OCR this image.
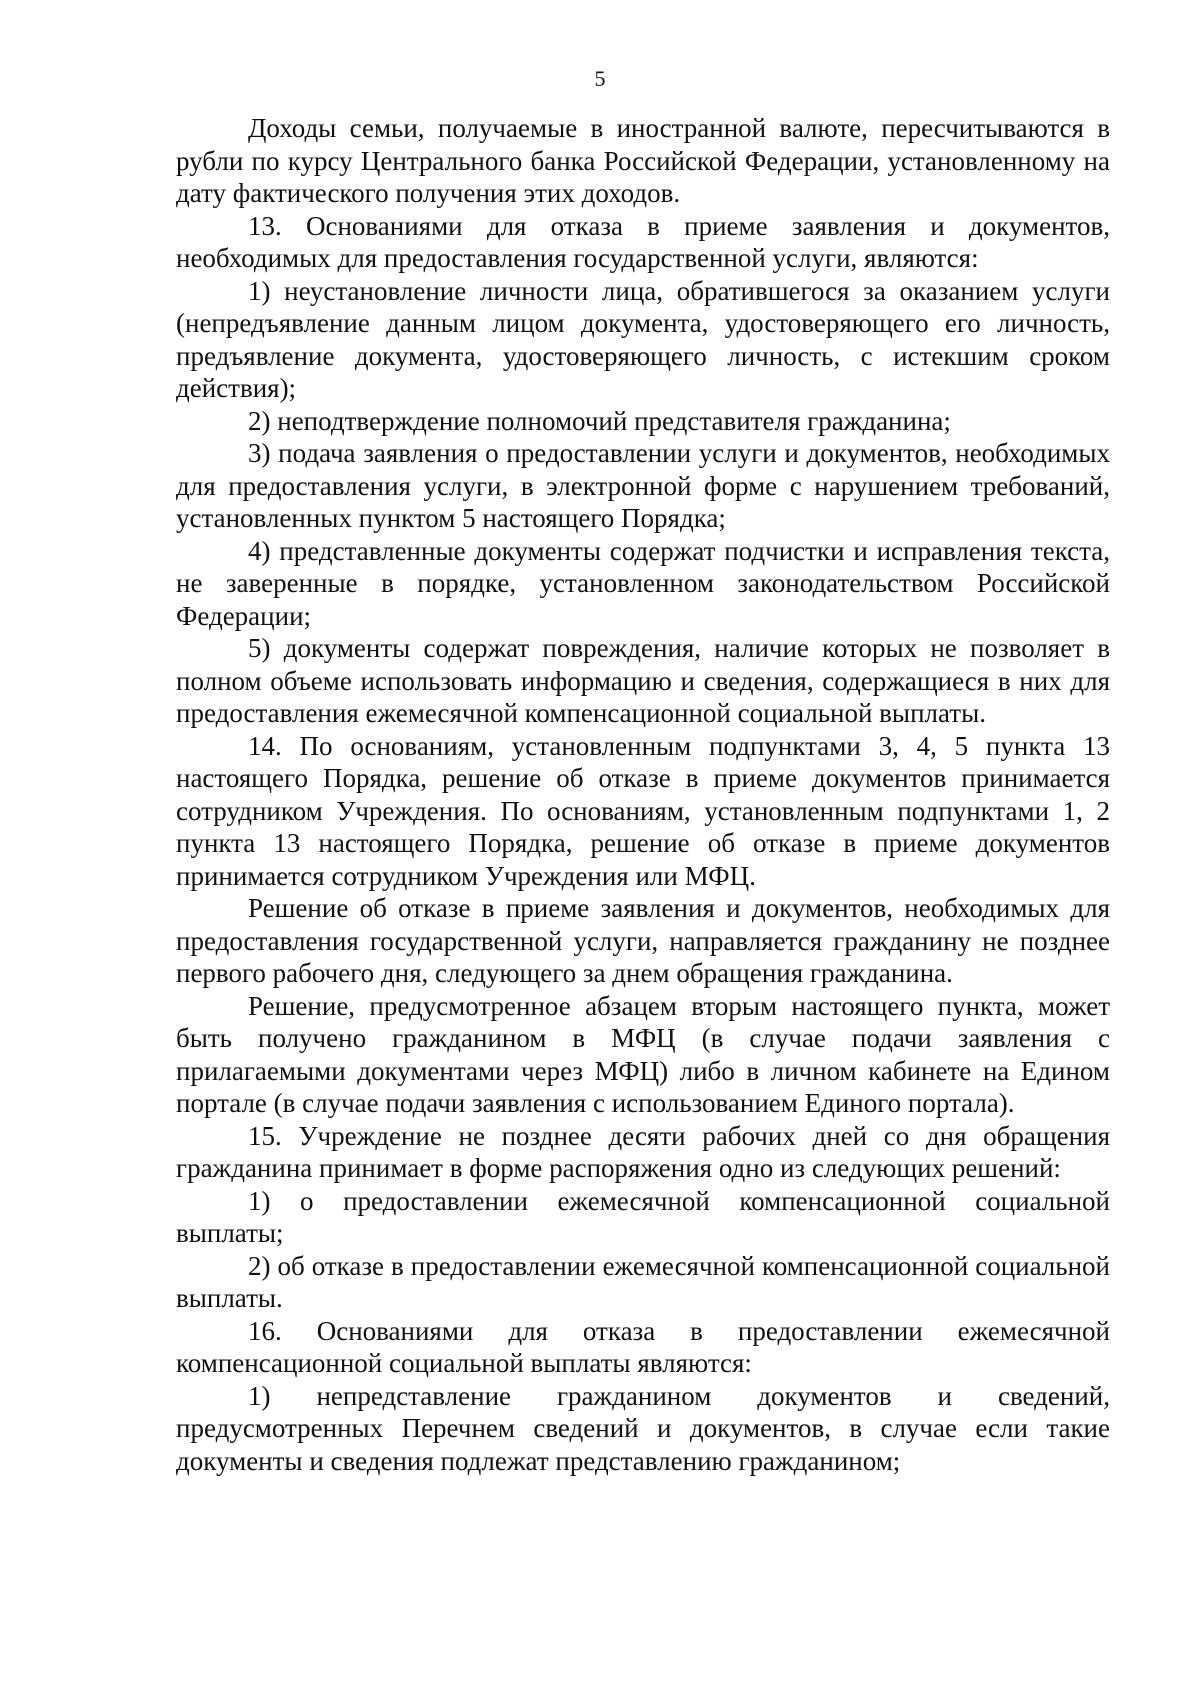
5

Доходы семьи, получаемые в иностранной валюте, пересчитываются в рубли по курсу Центрального банка Российской Федерации, установленному на дату фактического получения этих доходов.

13. Основаниями для отказа в приеме заявления и документов, необходимых для предоставления государственной услуги, являются:

1) неустановление личности лица, обратившегося за оказанием услуги (непредъявление данным лицом документа, удостоверяющего его личность, предъявление документа, удостоверяющего личность, с истекшим сроком действия);

2) неподтверждение полномочий представителя гражданина;

3) подача заявления о предоставлении услуги и документов, необходимых для предоставления услуги, в электронной форме с нарушением требований, установленных пунктом 5 настоящего Порядка;

4) представленные документы содержат подчистки и исправления текста, не заверенные в порядке, установленном законодательством Российской Федерации;

5) документы содержат повреждения, наличие которых не позволяет в полном объеме использовать информацию и сведения, содержащиеся в них для предоставления ежемесячной компенсационной социальной выплаты.

14. По основаниям, установленным подпунктами 3, 4, 5 пункта 13 настоящего Порядка, решение об отказе в приеме документов принимается сотрудником Учреждения. По основаниям, установленным подпунктами 1, 2 пункта 13 настоящего Порядка, решение об отказе в приеме документов принимается сотрудником Учреждения или МФЦ.

Решение об отказе в приеме заявления и документов, необходимых для предоставления государственной услуги, направляется гражданину не позднее первого рабочего дня, следующего за днем обращения гражданина.

Решение, предусмотренное абзацем вторым настоящего пункта, может быть получено гражданином в МФЦ (в случае подачи заявления с прилагаемыми документами через МФЦ) либо в личном кабинете на Едином портале (в случае подачи заявления с использованием Единого портала).

15. Учреждение не позднее десяти рабочих дней со дня обращения гражданина принимает в форме распоряжения одно из следующих решений:

1) о предоставлении ежемесячной компенсационной социальной выплаты;

2) об отказе в предоставлении ежемесячной компенсационной социальной выплаты.

16. Основаниями для отказа в предоставлении ежемесячной компенсационной социальной выплаты являются:

1) непредставление гражданином документов и сведений, предусмотренных Перечнем сведений и документов, в случае если такие документы и сведения подлежат представлению гражданином;
